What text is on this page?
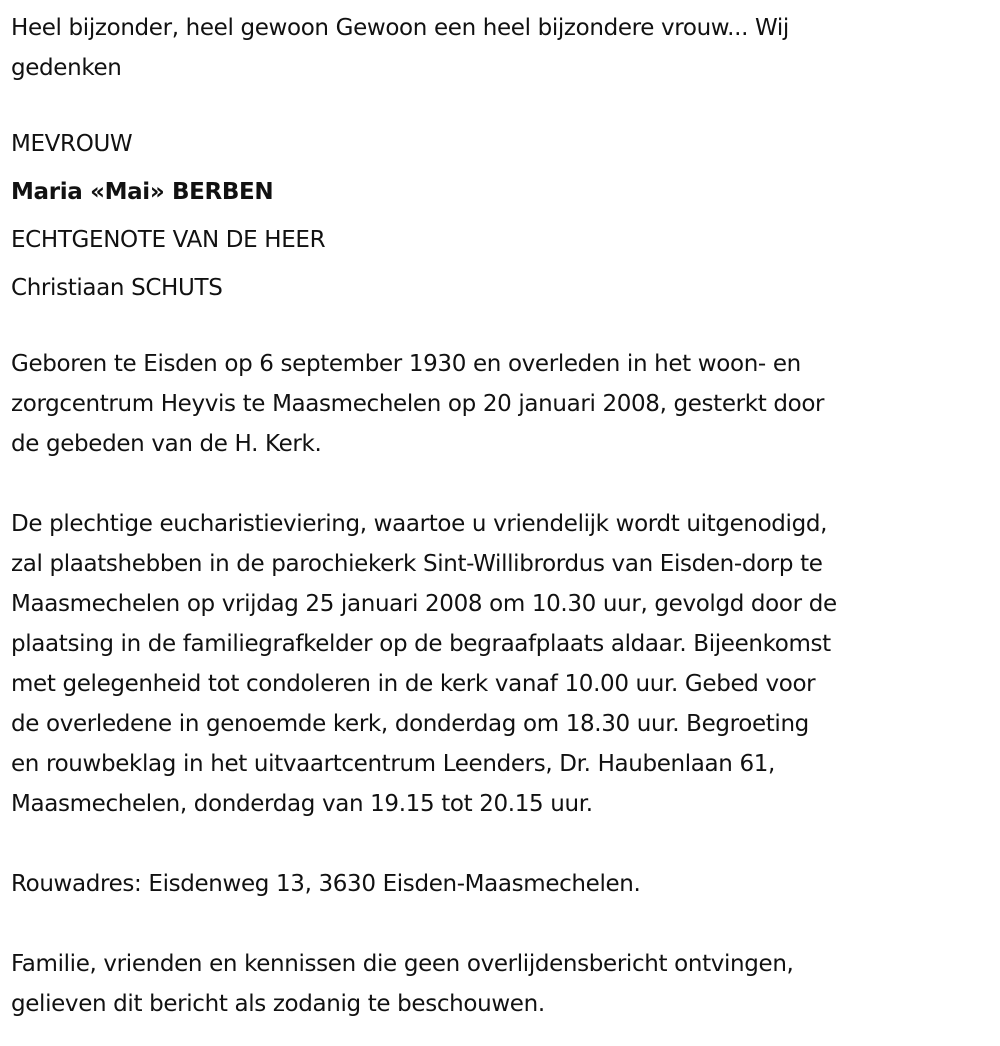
Heel bijzonder, heel gewoon Gewoon een heel bijzondere vrouw... Wij
gedenken
MEVROUW
Maria «Mai» BERBEN
ECHTGENOTE VAN DE HEER
Christiaan SCHUTS
Geboren te Eisden op 6 september 1930 en overleden in het woon- en
zorgcentrum Heyvis te Maasmechelen op 20 januari 2008, gesterkt door
de gebeden van de H. Kerk.
De plechtige eucharistieviering, waartoe u vriendelijk wordt uitgenodigd,
zal plaatshebben in de parochiekerk Sint-Willibrordus van Eisden-dorp te
Maasmechelen op vrijdag 25 januari 2008 om 10.30 uur, gevolgd door de
plaatsing in de familiegrafkelder op de begraafplaats aldaar. Bijeenkomst
met gelegenheid tot condoleren in de kerk vanaf 10.00 uur. Gebed voor
de overledene in genoemde kerk, donderdag om 18.30 uur. Begroeting
en rouwbeklag in het uitvaartcentrum Leenders, Dr. Haubenlaan 61,
Maasmechelen, donderdag van 19.15 tot 20.15 uur.
Rouwadres: Eisdenweg 13, 3630 Eisden-Maasmechelen.
Familie, vrienden en kennissen die geen overlijdensbericht ontvingen,
gelieven dit bericht als zodanig te beschouwen.
